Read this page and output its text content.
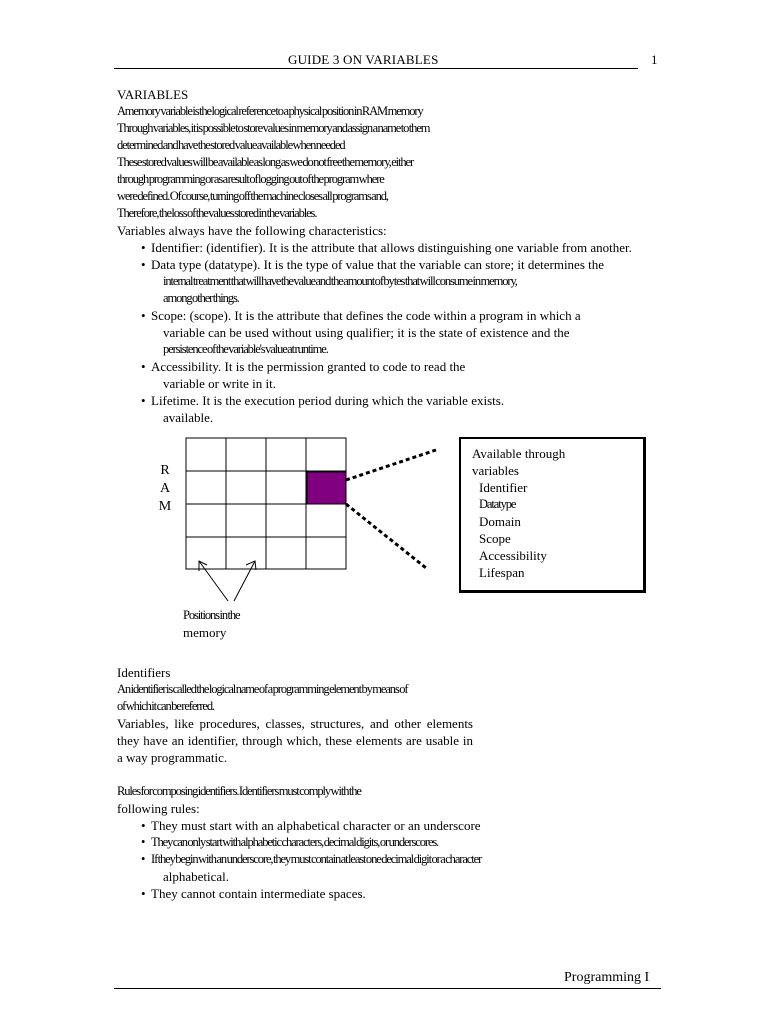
GUIDE 3 ON VARIABLES	1
VARIABLES
A memory variable is the logical reference to a physical position in RAM memory
Through variables, it is possible to store values in memory and assign a name to them
determined and have the stored value available when needed
These stored values will be available as long as we do not free the memory, either
through programming or as a result of logging out of the program where
were defined. Of course, turning off the machine closes all programs and,
Therefore, the loss of the values stored in the variables.
Variables always have the following characteristics:
• Identifier: (identifier). It is the attribute that allows distinguishing one variable from another.
• Data type (datatype). It is the type of value that the variable can store; it determines the
internal treatment that will have the value and the amount of bytes that will consume in memory,
among other things.
• Scope: (scope). It is the attribute that defines the code within a program in which a
variable can be used without using qualifier; it is the state of existence and the
persistence of the variable's value at runtime.
• Accessibility. It is the permission granted to code to read the
variable or write in it.
• Lifetime. It is the execution period during which the variable exists.
available.
R
A
M
Available through
variables
Identifier
Datatype
Domain
Scope
Accessibility
Lifespan
Positions in the
memory
Identifiers
An identifier is called the logical name of a programming element by means of
of which it can be referred.
Variables, like procedures, classes, structures, and other elements they have an identifier, through which, these elements are usable in a way programmatic.
Rules for composing identifiers. Identifiers must comply with the
following rules:
• They must start with an alphabetical character or an underscore
• They can only start with alphabetic characters, decimal digits, or underscores.
• If they begin with an underscore, they must contain at least one decimal digit or a character
alphabetical.
• They cannot contain intermediate spaces.
Programming I
